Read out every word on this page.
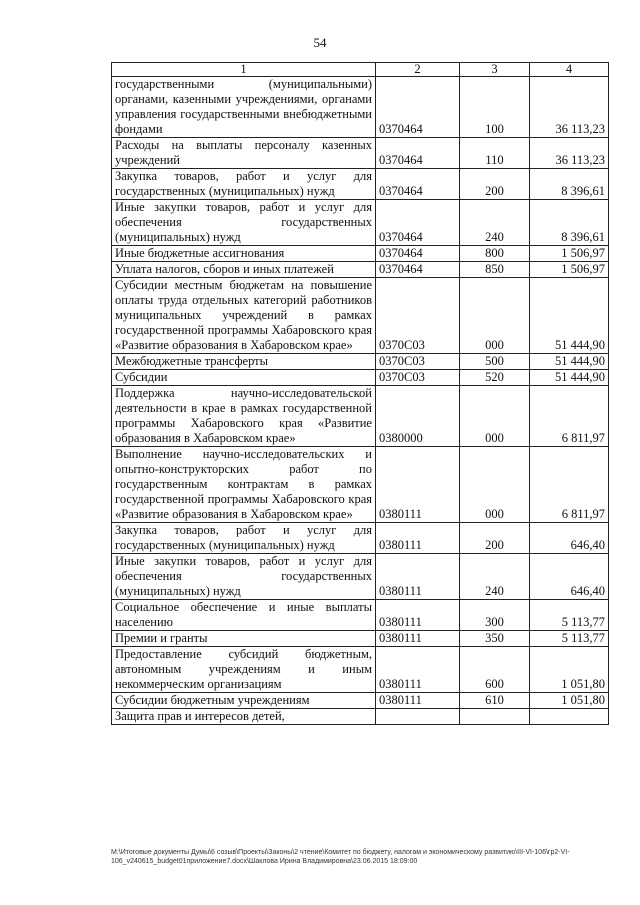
54
1	2	3	4
государственными (муниципальными) органами, казенными учреждениями, органами управления государственными внебюджетными фондами	0370464	100	36 113,23
Расходы на выплаты персоналу казенных учреждений	0370464	110	36 113,23
Закупка товаров, работ и услуг для государственных (муниципальных) нужд	0370464	200	8 396,61
Иные закупки товаров, работ и услуг для обеспечения государственных (муниципальных) нужд	0370464	240	8 396,61
Иные бюджетные ассигнования	0370464	800	1 506,97
Уплата налогов, сборов и иных платежей	0370464	850	1 506,97
Субсидии местным бюджетам на повышение оплаты труда отдельных категорий работников муниципальных учреждений в рамках государственной программы Хабаровского края «Развитие образования в Хабаровском крае»	0370С03	000	51 444,90
Межбюджетные трансферты	0370С03	500	51 444,90
Субсидии	0370С03	520	51 444,90
Поддержка научно-исследовательской деятельности в крае в рамках государственной программы Хабаровского края «Развитие образования в Хабаровском крае»	0380000	000	6 811,97
Выполнение научно-исследовательских и опытно-конструкторских работ по государственным контрактам в рамках государственной программы Хабаровского края «Развитие образования в Хабаровском крае»	0380111	000	6 811,97
Закупка товаров, работ и услуг для государственных (муниципальных) нужд	0380111	200	646,40
Иные закупки товаров, работ и услуг для обеспечения государственных (муниципальных) нужд	0380111	240	646,40
Социальное обеспечение и иные выплаты населению	0380111	300	5 113,77
Премии и гранты	0380111	350	5 113,77
Предоставление субсидий бюджетным, автономным учреждениям и иным некоммерческим организациям	0380111	600	1 051,80
Субсидии бюджетным учреждениям	0380111	610	1 051,80
Защита прав и интересов детей,			
M:\Итоговые документы Думы\6 созыв\Проекты\Законы\2 чтение\Комитет по бюджету, налогам и экономическому развитию\III-VI-106\гр2-VI-106_v240615_budget01приложение7.docx\Шаклова Ирина Владимировна\23.06.2015 18:09:00
